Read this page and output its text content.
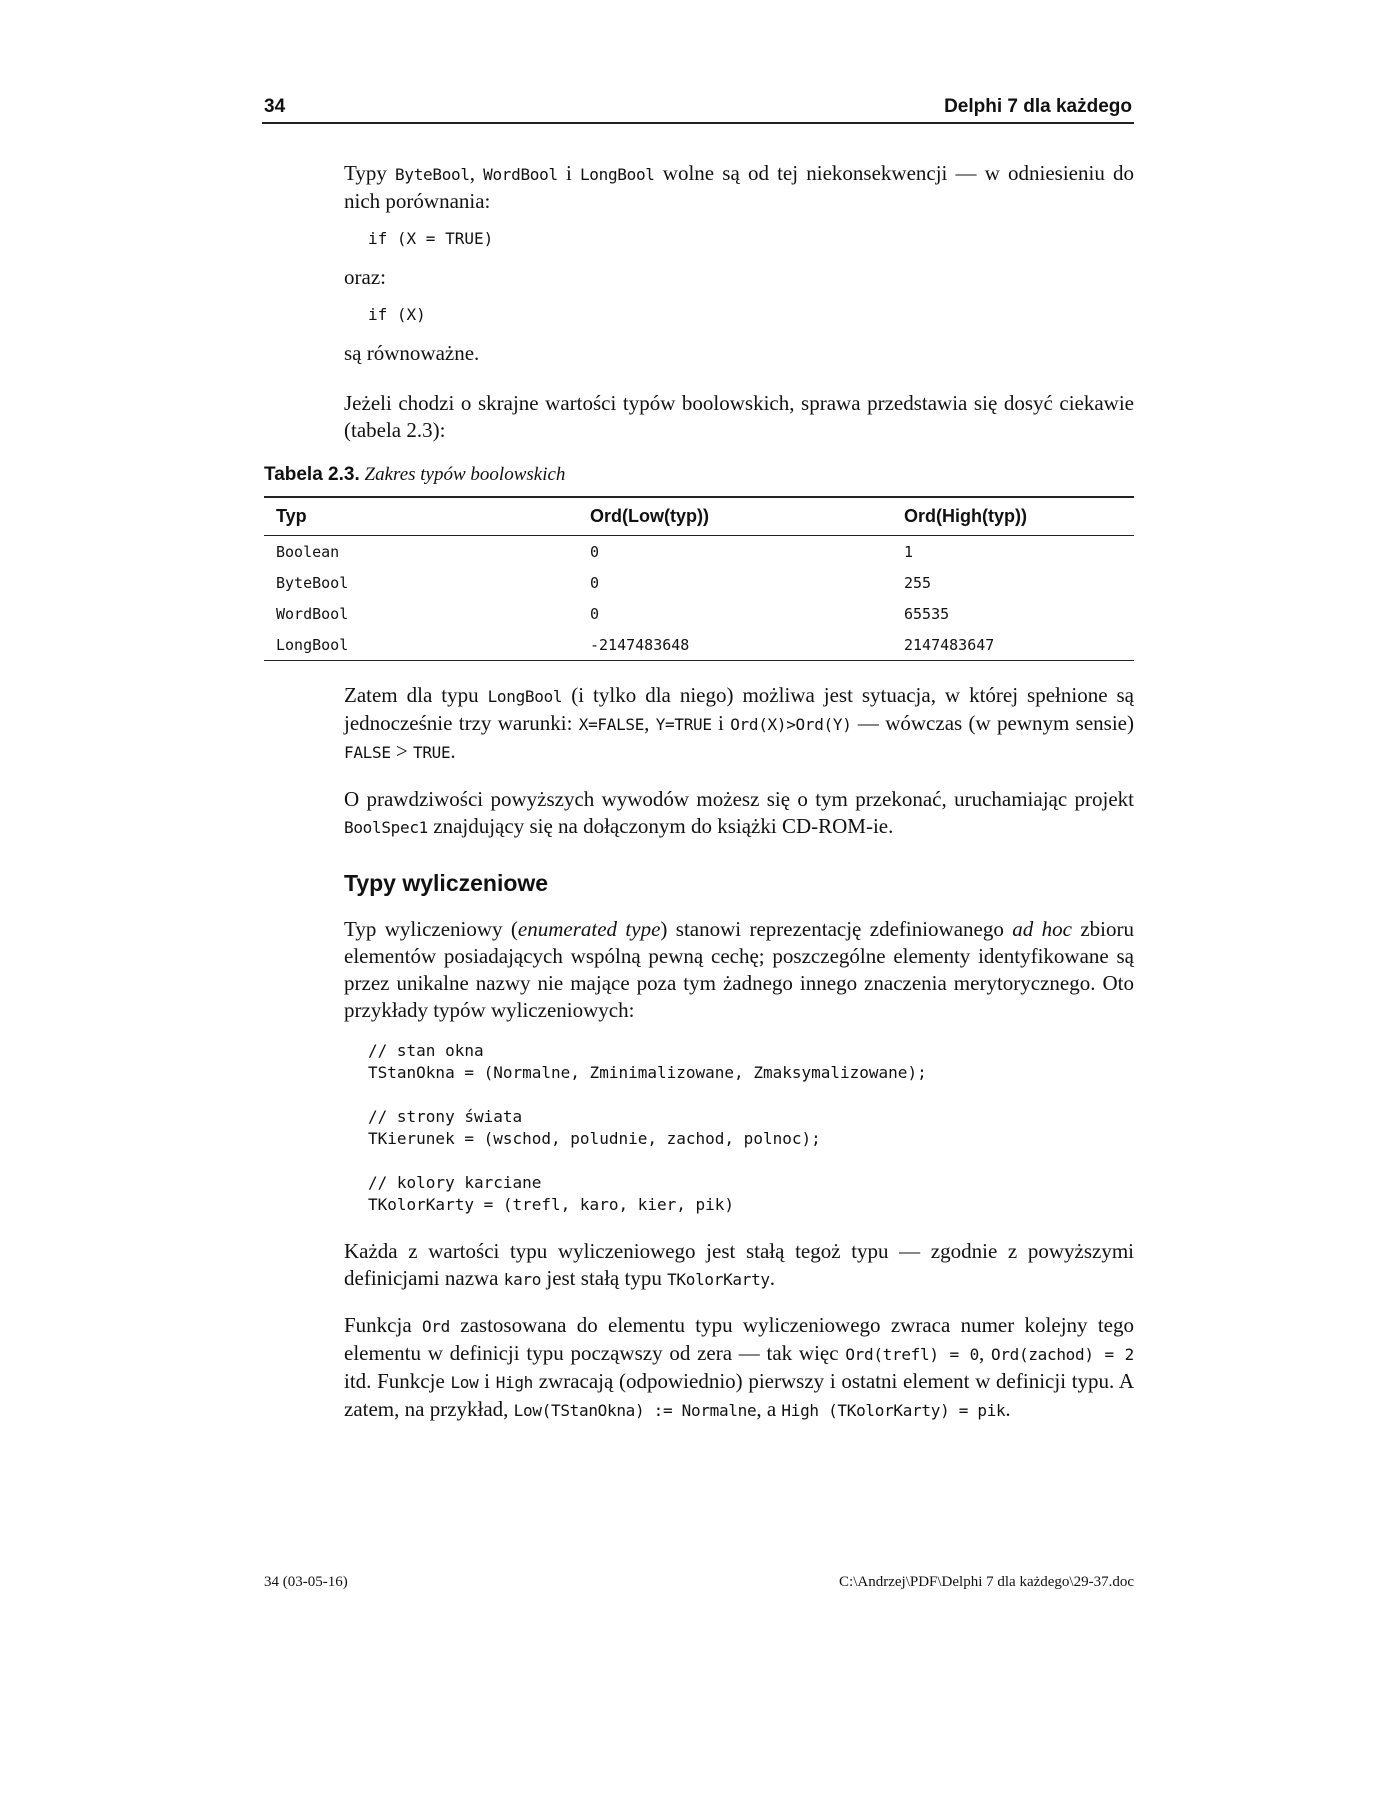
34	Delphi 7 dla każdego

Typy ByteBool, WordBool i LongBool wolne są od tej niekonsekwencji — w odniesieniu do nich porównania:

if (X = TRUE)

oraz:

if (X)

są równoważne.

Jeżeli chodzi o skrajne wartości typów boolowskich, sprawa przedstawia się dosyć ciekawie (tabela 2.3):

Tabela 2.3. Zakres typów boolowskich
Typ	Ord(Low(typ))	Ord(High(typ))
Boolean	0	1
ByteBool	0	255
WordBool	0	65535
LongBool	-2147483648	2147483647

Zatem dla typu LongBool (i tylko dla niego) możliwa jest sytuacja, w której spełnione są jednocześnie trzy warunki: X=FALSE, Y=TRUE i Ord(X)>Ord(Y) — wówczas (w pewnym sensie) FALSE > TRUE.

O prawdziwości powyższych wywodów możesz się o tym przekonać, uruchamiając projekt BoolSpec1 znajdujący się na dołączonym do książki CD-ROM-ie.

Typy wyliczeniowe

Typ wyliczeniowy (enumerated type) stanowi reprezentację zdefiniowanego ad hoc zbioru elementów posiadających wspólną pewną cechę; poszczególne elementy identyfikowane są przez unikalne nazwy nie mające poza tym żadnego innego znaczenia merytorycznego. Oto przykłady typów wyliczeniowych:

// stan okna
TStanOkna = (Normalne, Zminimalizowane, Zmaksymalizowane);

// strony świata
TKierunek = (wschod, poludnie, zachod, polnoc);

// kolory karciane
TKolorKarty = (trefl, karo, kier, pik)

Każda z wartości typu wyliczeniowego jest stałą tegoż typu — zgodnie z powyższymi definicjami nazwa karo jest stałą typu TKolorKarty.

Funkcja Ord zastosowana do elementu typu wyliczeniowego zwraca numer kolejny tego elementu w definicji typu począwszy od zera — tak więc Ord(trefl) = 0, Ord(zachod) = 2 itd. Funkcje Low i High zwracają (odpowiednio) pierwszy i ostatni element w definicji typu. A zatem, na przykład, Low(TStanOkna) := Normalne, a High (TKolorKarty) = pik.

34 (03-05-16)	C:\Andrzej\PDF\Delphi 7 dla każdego\29-37.doc
